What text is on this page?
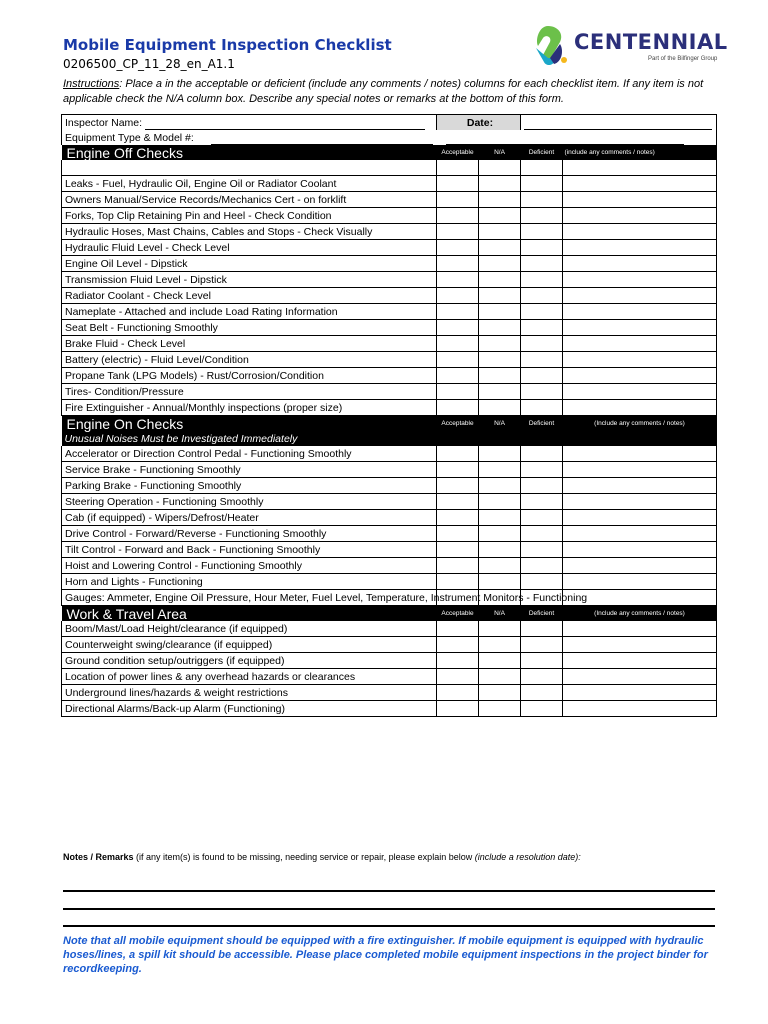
Mobile Equipment Inspection Checklist
0206500_CP_11_28_en_A1.1
CENTENNIAL
Part of the Bilfinger Group
Instructions: Place a in the acceptable or deficient (include any comments / notes) columns for each checklist item. If any item is not applicable check the N/A column box. Describe any special notes or remarks at the bottom of this form.
Inspector Name:	Date:			
Equipment Type & Model #:				
Engine Off Checks	Acceptable	N/A	Deficient	(include any comments / notes)

Leaks - Fuel, Hydraulic Oil, Engine Oil or Radiator Coolant				
Owners Manual/Service Records/Mechanics Cert - on forklift				
Forks, Top Clip Retaining Pin and Heel - Check Condition				
Hydraulic Hoses, Mast Chains, Cables and Stops - Check Visually				
Hydraulic Fluid Level - Check Level				
Engine Oil Level - Dipstick				
Transmission Fluid Level - Dipstick				
Radiator Coolant - Check Level				
Nameplate - Attached and include Load Rating Information				
Seat Belt - Functioning Smoothly				
Brake Fluid - Check Level				
Battery (electric) - Fluid Level/Condition				
Propane Tank (LPG Models) - Rust/Corrosion/Condition				
Tires- Condition/Pressure				
Fire Extinguisher - Annual/Monthly inspections (proper size)				
Engine On Checks	Acceptable	N/A	Deficient	(Include any comments / notes)
Unusual Noises Must be Investigated Immediately				
Accelerator or Direction Control Pedal - Functioning Smoothly				
Service Brake - Functioning Smoothly				
Parking Brake - Functioning Smoothly				
Steering Operation - Functioning Smoothly				
Cab (if equipped) - Wipers/Defrost/Heater				
Drive Control - Forward/Reverse - Functioning Smoothly				
Tilt Control - Forward and Back - Functioning Smoothly				
Hoist and Lowering Control - Functioning Smoothly				
Horn and Lights - Functioning				
Gauges: Ammeter, Engine Oil Pressure, Hour Meter, Fuel Level, Temperature, Instrument Monitors - Functioning				
Work & Travel Area	Acceptable	N/A	Deficient	(Include any comments / notes)
Boom/Mast/Load Height/clearance (if equipped)				
Counterweight swing/clearance (if equipped)				
Ground condition setup/outriggers (if equipped)				
Location of power lines & any overhead hazards or clearances				
Underground lines/hazards & weight restrictions				
Directional Alarms/Back-up Alarm (Functioning)				
Notes / Remarks (if any item(s) is found to be missing, needing service or repair, please explain below (include a resolution date):
Note that all mobile equipment should be equipped with a fire extinguisher. If mobile equipment is equipped with hydraulic hoses/lines, a spill kit should be accessible. Please place completed mobile equipment inspections in the project binder for recordkeeping.
